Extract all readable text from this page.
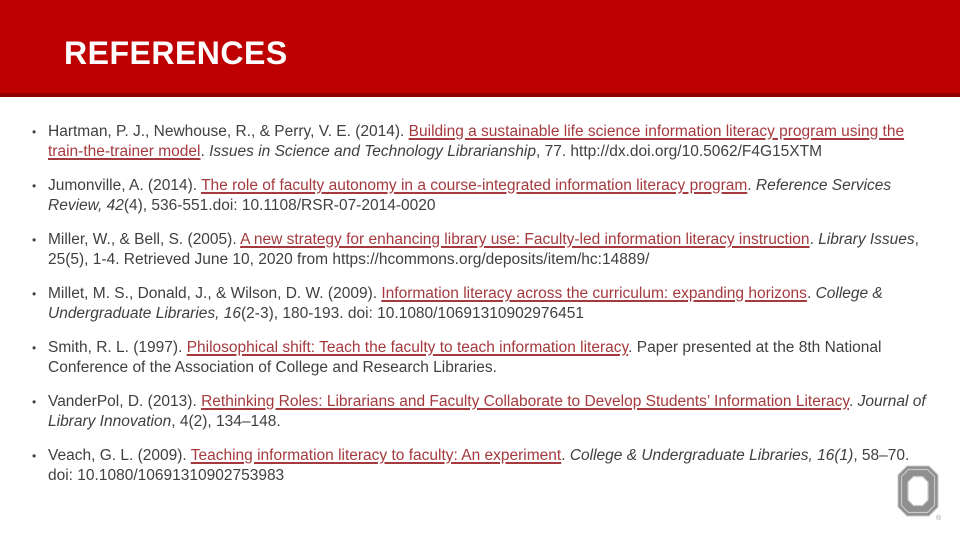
REFERENCES
• Hartman, P. J., Newhouse, R., & Perry, V. E. (2014). Building a sustainable life science information literacy program using the train-the-trainer model. Issues in Science and Technology Librarianship, 77. http://dx.doi.org/10.5062/F4G15XTM
• Jumonville, A. (2014). The role of faculty autonomy in a course-integrated information literacy program. Reference Services Review, 42(4), 536-551.doi: 10.1108/RSR-07-2014-0020
• Miller, W., & Bell, S. (2005). A new strategy for enhancing library use: Faculty-led information literacy instruction. Library Issues, 25(5), 1-4. Retrieved June 10, 2020 from https://hcommons.org/deposits/item/hc:14889/
• Millet, M. S., Donald, J., & Wilson, D. W. (2009). Information literacy across the curriculum: expanding horizons. College & Undergraduate Libraries, 16(2-3), 180-193. doi: 10.1080/10691310902976451
• Smith, R. L. (1997). Philosophical shift: Teach the faculty to teach information literacy. Paper presented at the 8th National Conference of the Association of College and Research Libraries.
• VanderPol, D. (2013). Rethinking Roles: Librarians and Faculty Collaborate to Develop Students’ Information Literacy. Journal of Library Innovation, 4(2), 134–148.
• Veach, G. L. (2009). Teaching information literacy to faculty: An experiment. College & Undergraduate Libraries, 16(1), 58–70. doi: 10.1080/10691310902753983
®
